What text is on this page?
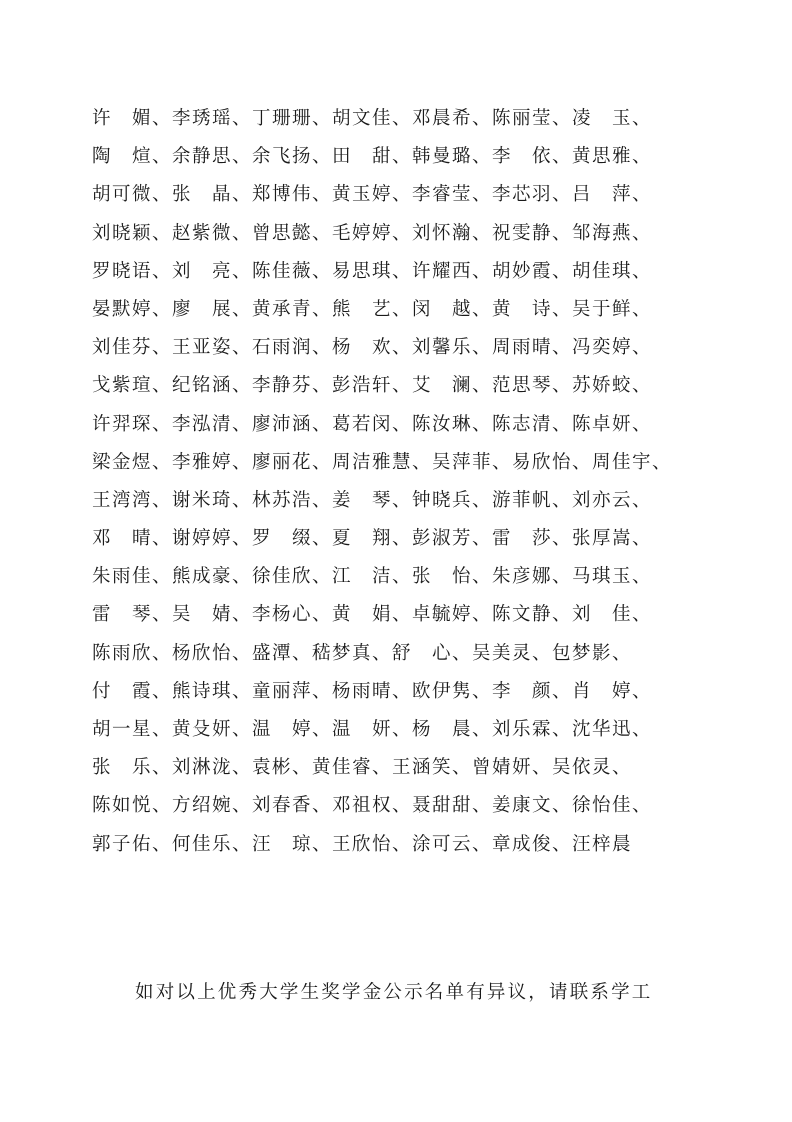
许　媚、李琇瑶、丁珊珊、胡文佳、邓晨希、陈丽莹、凌　玉、
陶　煊、余静思、余飞扬、田　甜、韩曼璐、李　依、黄思雅、
胡可微、张　晶、郑博伟、黄玉婷、李睿莹、李芯羽、吕　萍、
刘晓颖、赵紫微、曾思懿、毛婷婷、刘怀瀚、祝雯静、邹海燕、
罗晓语、刘　亮、陈佳薇、易思琪、许耀西、胡妙霞、胡佳琪、
晏默婷、廖　展、黄承青、熊　艺、闵　越、黄　诗、吴于鲜、
刘佳芬、王亚姿、石雨润、杨　欢、刘馨乐、周雨晴、冯奕婷、
戈紫瑄、纪铭涵、李静芬、彭浩轩、艾　澜、范思琴、苏娇蛟、
许羿琛、李泓清、廖沛涵、葛若闵、陈汝琳、陈志清、陈卓妍、
梁金煜、李雅婷、廖丽花、周洁雅慧、吴萍菲、易欣怡、周佳宇、
王湾湾、谢米琦、林苏浩、姜　琴、钟晓兵、游菲帆、刘亦云、
邓　晴、谢婷婷、罗　缀、夏　翔、彭淑芳、雷　莎、张厚嵩、
朱雨佳、熊成豪、徐佳欣、江　洁、张　怡、朱彦娜、马琪玉、
雷　琴、吴　婧、李杨心、黄　娟、卓毓婷、陈文静、刘　佳、
陈雨欣、杨欣怡、盛潭、嵇梦真、舒　心、吴美灵、包梦影、
付　霞、熊诗琪、童丽萍、杨雨晴、欧伊隽、李　颜、肖　婷、
胡一星、黄殳妍、温　婷、温　妍、杨　晨、刘乐霖、沈华迅、
张　乐、刘淋泷、袁彬、黄佳睿、王涵笑、曾婧妍、吴依灵、
陈如悦、方绍婉、刘春香、邓祖权、聂甜甜、姜康文、徐怡佳、
郭子佑、何佳乐、汪　琼、王欣怡、涂可云、章成俊、汪梓晨
如对以上优秀大学生奖学金公示名单有异议，请联系学工
